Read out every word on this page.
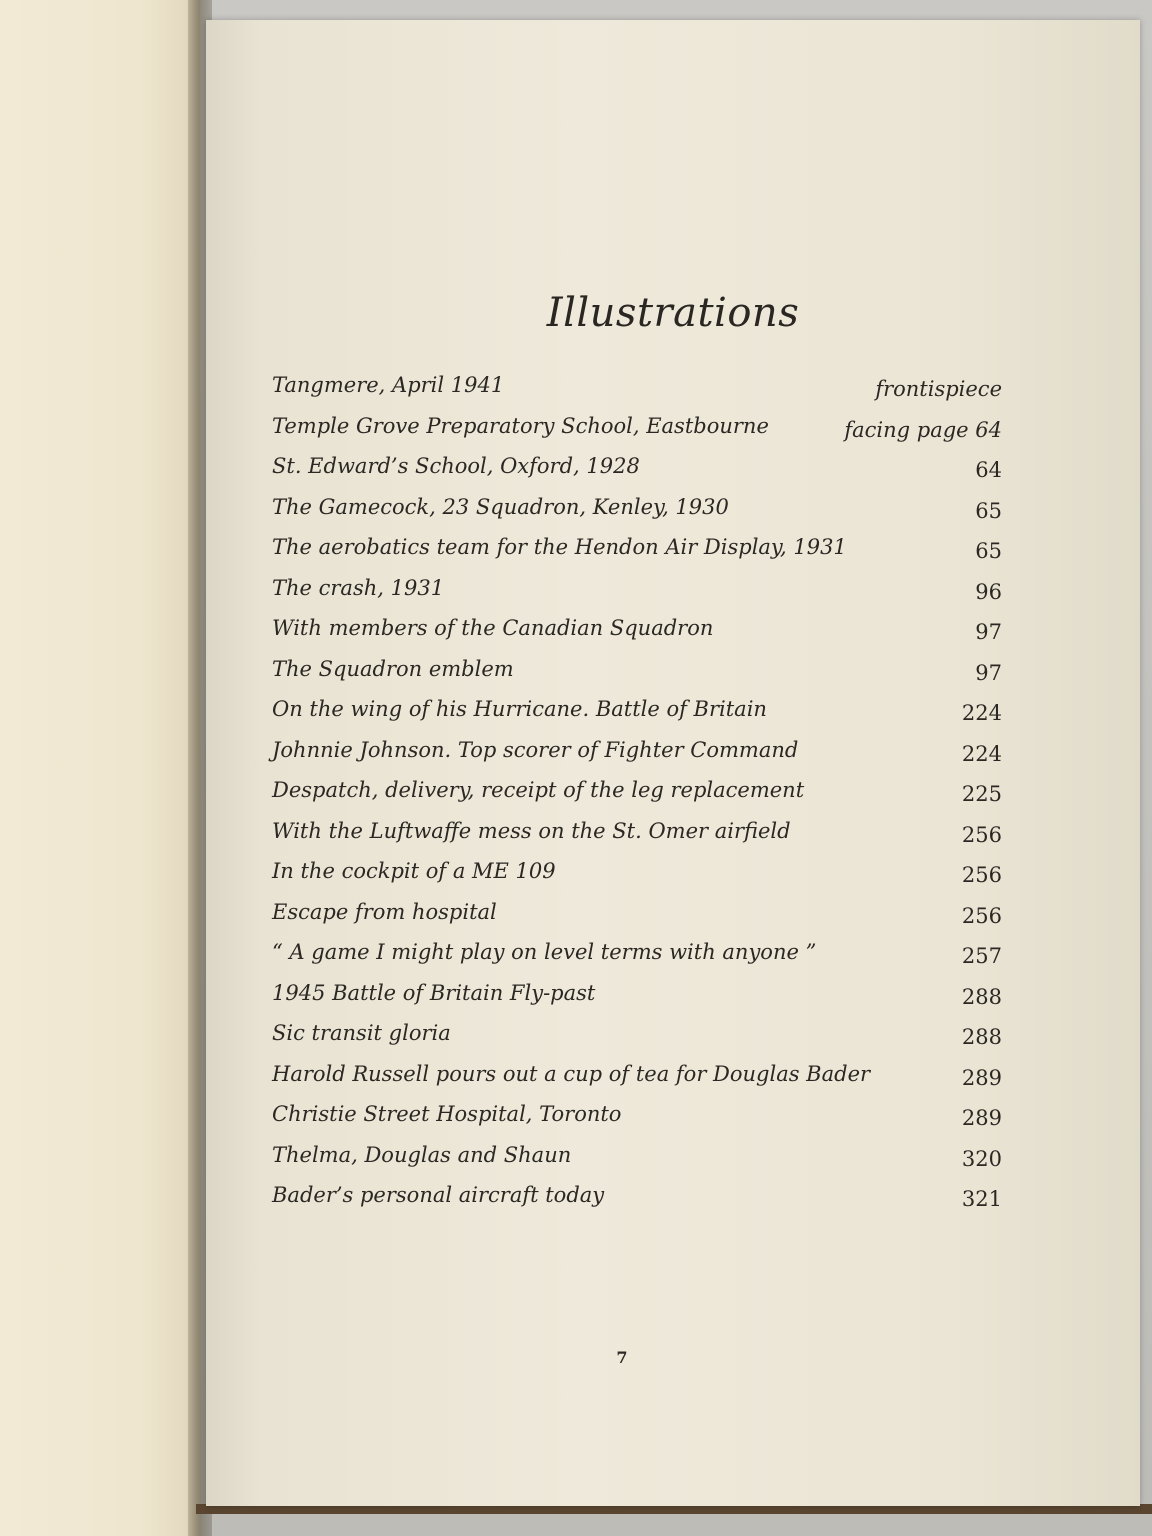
Illustrations
Tangmere, April 1941	frontispiece
Temple Grove Preparatory School, Eastbourne	facing page 64
St. Edward’s School, Oxford, 1928	64
The Gamecock, 23 Squadron, Kenley, 1930	65
The aerobatics team for the Hendon Air Display, 1931	65
The crash, 1931	96
With members of the Canadian Squadron	97
The Squadron emblem	97
On the wing of his Hurricane. Battle of Britain	224
Johnnie Johnson. Top scorer of Fighter Command	224
Despatch, delivery, receipt of the leg replacement	225
With the Luftwaffe mess on the St. Omer airfield	256
In the cockpit of a ME 109	256
Escape from hospital	256
“ A game I might play on level terms with anyone ”	257
1945 Battle of Britain Fly-past	288
Sic transit gloria	288
Harold Russell pours out a cup of tea for Douglas Bader	289
Christie Street Hospital, Toronto	289
Thelma, Douglas and Shaun	320
Bader’s personal aircraft today	321
7
